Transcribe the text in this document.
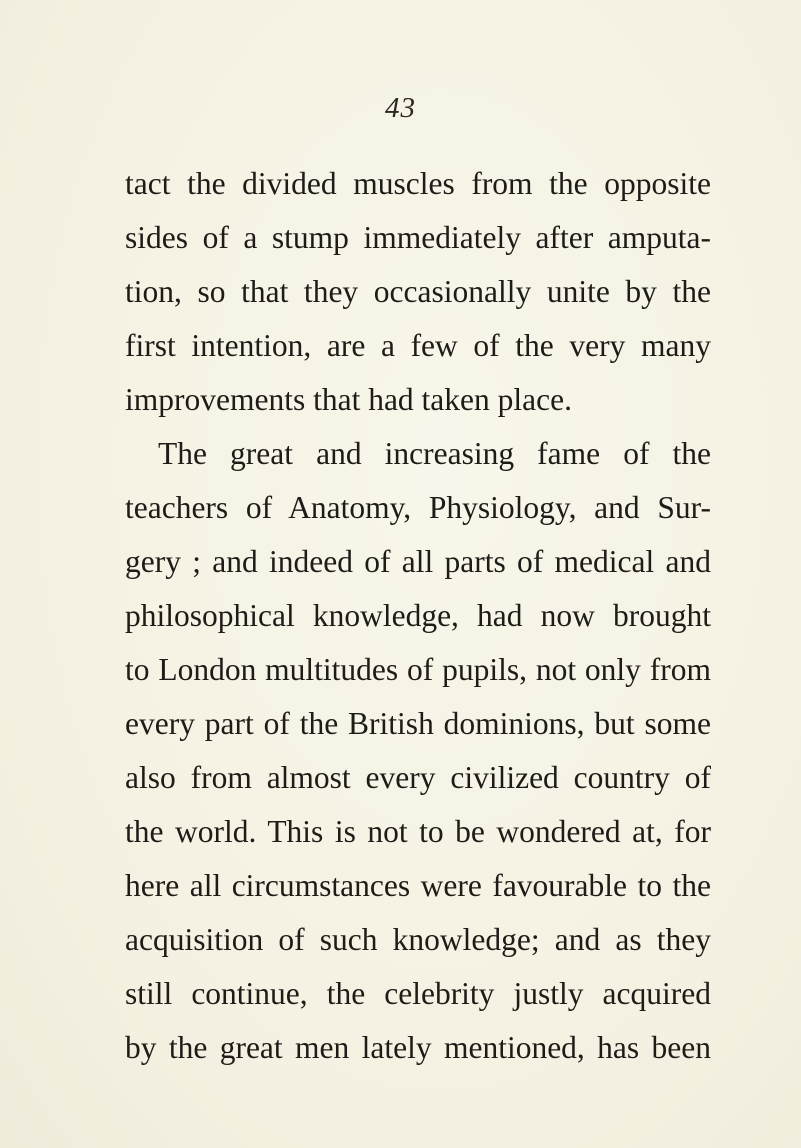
43
tact the divided muscles from the opposite
sides of a stump immediately after amputa-
tion, so that they occasionally unite by the
first intention, are a few of the very many
improvements that had taken place.
The great and increasing fame of the
teachers of Anatomy, Physiology, and Sur-
gery ; and indeed of all parts of medical and
philosophical knowledge, had now brought
to London multitudes of pupils, not only from
every part of the British dominions, but some
also from almost every civilized country of
the world. This is not to be wondered at, for
here all circumstances were favourable to the
acquisition of such knowledge; and as they
still continue, the celebrity justly acquired
by the great men lately mentioned, has been
